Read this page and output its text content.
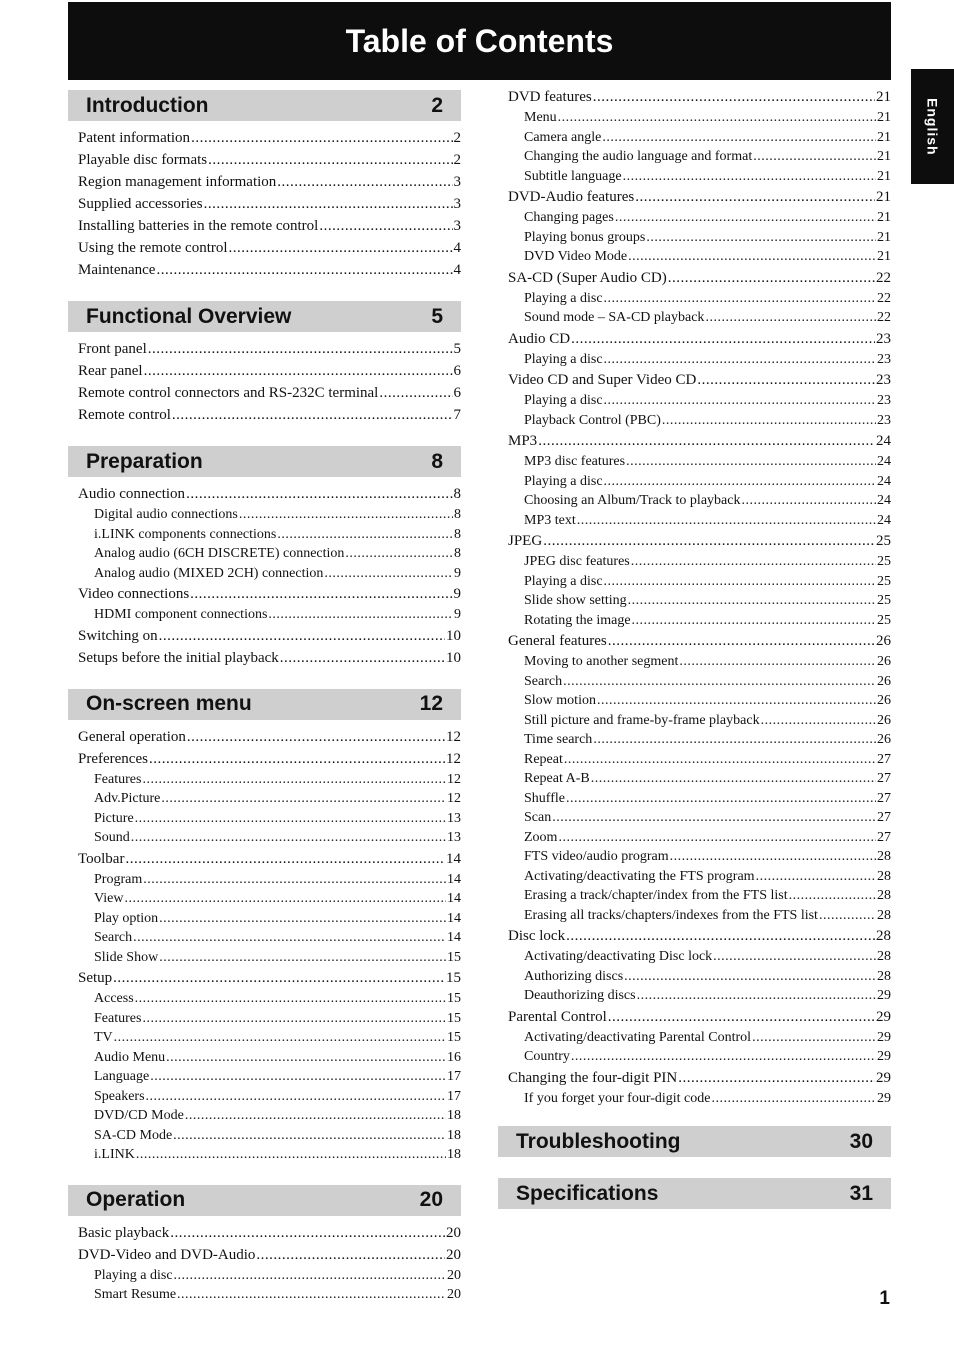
Table of Contents
English
Introduction	2
Patent information .....	2
Playable disc formats .....	2
Region management information .....	3
Supplied accessories .....	3
Installing batteries in the remote control .....	3
Using the remote control .....	4
Maintenance .....	4
Functional Overview	5
Front panel .....	5
Rear panel .....	6
Remote control connectors and RS-232C terminal .....	6
Remote control .....	7
Preparation	8
Audio connection .....	8
Digital audio connections .....	8
i.LINK components connections .....	8
Analog audio (6CH DISCRETE) connection .....	8
Analog audio (MIXED 2CH) connection .....	9
Video connections .....	9
HDMI component connections .....	9
Switching on .....	10
Setups before the initial playback .....	10
On-screen menu	12
General operation .....	12
Preferences .....	12
Features .....	12
Adv.Picture .....	12
Picture .....	13
Sound .....	13
Toolbar .....	14
Program .....	14
View .....	14
Play option .....	14
Search .....	14
Slide Show .....	15
Setup .....	15
Access .....	15
Features .....	15
TV .....	15
Audio Menu .....	16
Language .....	17
Speakers .....	17
DVD/CD Mode .....	18
SA-CD Mode .....	18
i.LINK .....	18
Operation	20
Basic playback .....	20
DVD-Video and DVD-Audio .....	20
Playing a disc .....	20
Smart Resume .....	20
DVD features .....	21
Menu .....	21
Camera angle .....	21
Changing the audio language and format .....	21
Subtitle language .....	21
DVD-Audio features .....	21
Changing pages .....	21
Playing bonus groups .....	21
DVD Video Mode .....	21
SA-CD (Super Audio CD) .....	22
Playing a disc .....	22
Sound mode – SA-CD playback .....	22
Audio CD .....	23
Playing a disc .....	23
Video CD and Super Video CD .....	23
Playing a disc .....	23
Playback Control (PBC) .....	23
MP3 .....	24
MP3 disc features .....	24
Playing a disc .....	24
Choosing an Album/Track to playback .....	24
MP3 text .....	24
JPEG .....	25
JPEG disc features .....	25
Playing a disc .....	25
Slide show setting .....	25
Rotating the image .....	25
General features .....	26
Moving to another segment .....	26
Search .....	26
Slow motion .....	26
Still picture and frame-by-frame playback .....	26
Time search .....	26
Repeat .....	27
Repeat A-B .....	27
Shuffle .....	27
Scan .....	27
Zoom .....	27
FTS video/audio program .....	28
Activating/deactivating the FTS program .....	28
Erasing a track/chapter/index from the FTS list .....	28
Erasing all tracks/chapters/indexes from the FTS list .....	28
Disc lock .....	28
Activating/deactivating Disc lock .....	28
Authorizing discs .....	28
Deauthorizing discs .....	29
Parental Control .....	29
Activating/deactivating Parental Control .....	29
Country .....	29
Changing the four-digit PIN .....	29
If you forget your four-digit code .....	29
Troubleshooting	30
Specifications	31
1
